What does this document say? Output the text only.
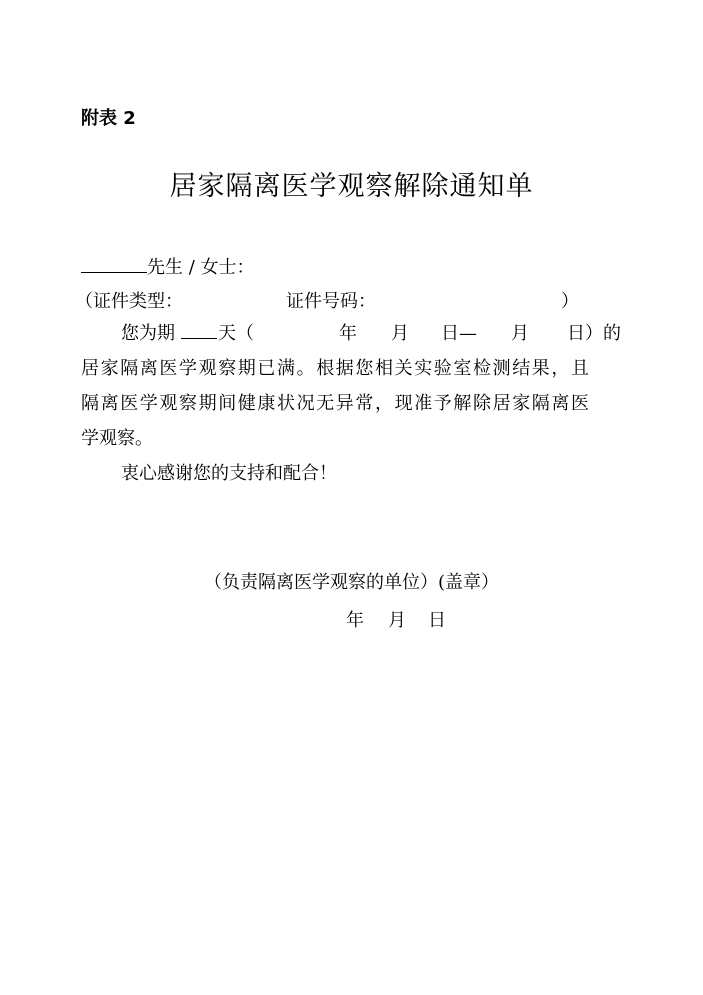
附表 2
居家隔离医学观察解除通知单
先生 / 女士：
（证件类型：	证件号码：	）
您为期 天（	年 月 日— 月 日）的
居家隔离医学观察期已满。根据您相关实验室检测结果，且
隔离医学观察期间健康状况无异常，现准予解除居家隔离医
学观察。
衷心感谢您的支持和配合！
（负责隔离医学观察的单位）(盖章）
年 月 日
